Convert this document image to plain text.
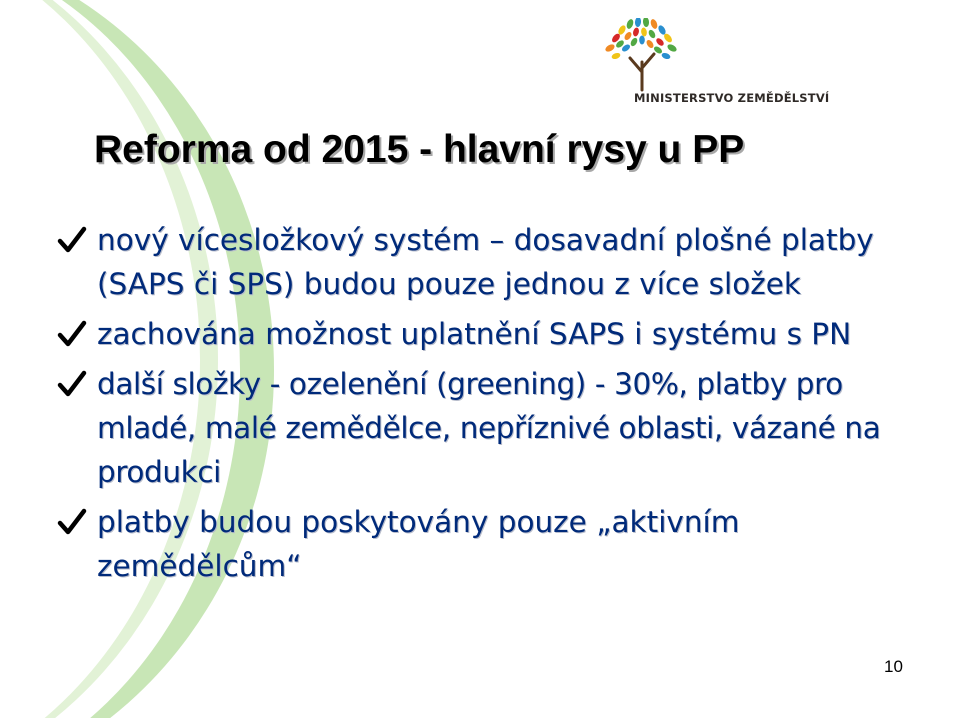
MINISTERSTVO ZEMĚDĚLSTVÍ
Reforma od 2015 - hlavní rysy u PP
nový vícesložkový systém – dosavadní plošné platby (SAPS či SPS) budou pouze jednou z více složek
zachována možnost uplatnění SAPS i systému s PN
další složky - ozelenění (greening) - 30%, platby pro mladé, malé zemědělce, nepříznivé oblasti, vázané na produkci
platby budou poskytovány pouze „aktivním zemědělcům“
10
